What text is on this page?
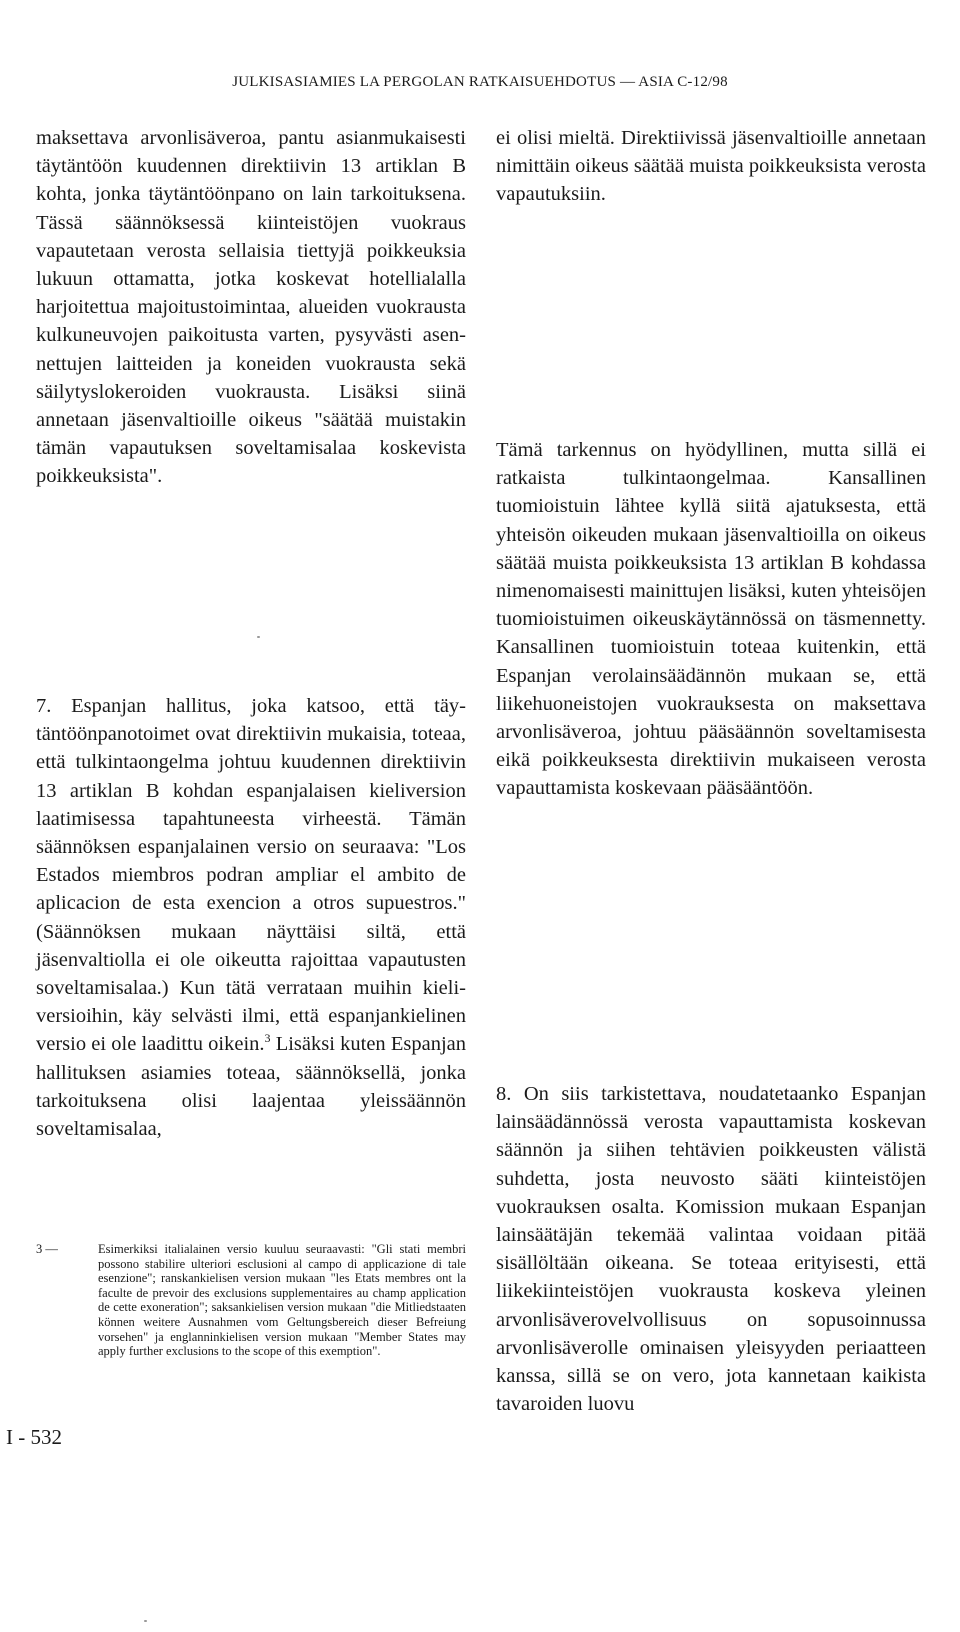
JULKISASIAMIES LA PERGOLAN RATKAISUEHDOTUS — ASIA C-12/98

maksettava arvonlisäveroa, pantu asianmukaisesti täytäntöön kuudennen direktiivin 13 artiklan B kohta, jonka täytäntöönpano on lain tarkoituksena. Tässä säännöksessä kiinteistöjen vuokraus vapautetaan verosta sellaisia tiettyjä poikkeuksia lukuun ottamatta, jotka koskevat hotellialalla harjoitettua majoitustoimintaa, alueiden vuokrausta kulkuneuvojen paikoitusta varten, pysyvästi asennettujen laitteiden ja koneiden vuokrausta sekä säilytyslokeroiden vuokrausta. Lisäksi siinä annetaan jäsenvaltioille oikeus "säätää muistakin tämän vapautuksen soveltamisalaa koskevista poikkeuksista".

7. Espanjan hallitus, joka katsoo, että täytäntöönpanotoimet ovat direktiivin mukaisia, toteaa, että tulkintaongelma johtuu kuudennen direktiivin 13 artiklan B kohdan espanjalaisen kieliversion laatimisessa tapahtuneesta virheestä. Tämän säännöksen espanjalainen versio on seuraava: "Los Estados miembros podran ampliar el ambito de aplicacion de esta exencion a otros supuestros." (Säännöksen mukaan näyttäisi siltä, että jäsenvaltiolla ei ole oikeutta rajoittaa vapautusten soveltamisalaa.) Kun tätä verrataan muihin kieliversioihin, käy selvästi ilmi, että espanjankielinen versio ei ole laadittu oikein.$^3$ Lisäksi kuten Espanjan hallituksen asiamies toteaa, säännöksellä, jonka tarkoituksena olisi laajentaa yleissäännön soveltamisalaa,

ei olisi mieltä. Direktiivissä jäsenvaltioille annetaan nimittäin oikeus säätää muista poikkeuksista verosta vapautuksiin.

Tämä tarkennus on hyödyllinen, mutta sillä ei ratkaista tulkintaongelmaa. Kansallinen tuomioistuin lähtee kyllä siitä ajatuksesta, että yhteisön oikeuden mukaan jäsenvaltioilla on oikeus säätää muista poikkeuksista 13 artiklan B kohdassa nimenomaisesti mainittujen lisäksi, kuten yhteisöjen tuomioistuimen oikeuskäytännössä on täsmennetty. Kansallinen tuomioistuin toteaa kuitenkin, että Espanjan verolainsäädännön mukaan se, että liikehuoneistojen vuokrauksesta on maksettava arvonlisäveroa, johtuu pääsäännön soveltamisesta eikä poikkeuksesta direktiivin mukaiseen verosta vapauttamista koskevaan pääsääntöön.

8. On siis tarkistettava, noudatetaanko Espanjan lainsäädännössä verosta vapauttamista koskevan säännön ja siihen tehtävien poikkeusten välistä suhdetta, josta neuvosto sääti kiinteistöjen vuokrauksen osalta. Komission mukaan Espanjan lainsäätäjän tekemää valintaa voidaan pitää sisällöltään oikeana. Se toteaa erityisesti, että liikekiinteistöjen vuokrausta koskeva yleinen arvonlisäverovelvollisuus on sopusoinnussa arvonlisäverolle ominaisen yleisyyden periaatteen kanssa, sillä se on vero, jota kannetaan kaikista tavaroiden luovu

3 —	Esimerkiksi italialainen versio kuuluu seuraavasti: "Gli stati membri possono stabilire ulteriori esclusioni al campo di applicazione di tale esenzione"; ranskankielisen version mukaan "les Etats membres ont la faculte de prevoir des exclusions supplementaires au champ application de cette exoneration"; saksankielisen version mukaan "die Mitliedstaaten können weitere Ausnahmen vom Geltungsbereich dieser Befreiung vorsehen" ja englanninkielisen version mukaan "Member States may apply further exclusions to the scope of this exemption".
I - 532
